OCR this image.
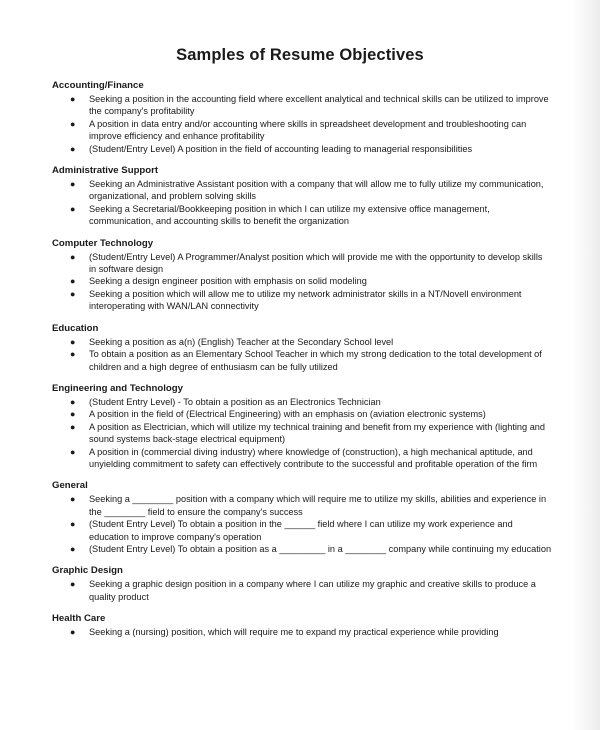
Samples of Resume Objectives
Accounting/Finance
● Seeking a position in the accounting field where excellent analytical and technical skills can be utilized to improve the company's profitability
● A position in data entry and/or accounting where skills in spreadsheet development and troubleshooting can improve efficiency and enhance profitability
● (Student/Entry Level) A position in the field of accounting leading to managerial responsibilities
Administrative Support
● Seeking an Administrative Assistant position with a company that will allow me to fully utilize my communication, organizational, and problem solving skills
● Seeking a Secretarial/Bookkeeping position in which I can utilize my extensive office management, communication, and accounting skills to benefit the organization
Computer Technology
● (Student/Entry Level) A Programmer/Analyst position which will provide me with the opportunity to develop skills in software design
● Seeking a design engineer position with emphasis on solid modeling
● Seeking a position which will allow me to utilize my network administrator skills in a NT/Novell environment interoperating with WAN/LAN connectivity
Education
● Seeking a position as a(n) (English) Teacher at the Secondary School level
● To obtain a position as an Elementary School Teacher in which my strong dedication to the total development of children and a high degree of enthusiasm can be fully utilized
Engineering and Technology
● (Student Entry Level) - To obtain a position as an Electronics Technician
● A position in the field of (Electrical Engineering) with an emphasis on (aviation electronic systems)
● A position as Electrician, which will utilize my technical training and benefit from my experience with (lighting and sound systems back-stage electrical equipment)
● A position in (commercial diving industry) where knowledge of (construction), a high mechanical aptitude, and unyielding commitment to safety can effectively contribute to the successful and profitable operation of the firm
General
● Seeking a ________ position with a company which will require me to utilize my skills, abilities and experience in the ________ field to ensure the company's success
● (Student Entry Level) To obtain a position in the ______ field where I can utilize my work experience and education to improve company's operation
● (Student Entry Level) To obtain a position as a _________ in a ________ company while continuing my education
Graphic Design
● Seeking a graphic design position in a company where I can utilize my graphic and creative skills to produce a quality product
Health Care
● Seeking a (nursing) position, which will require me to expand my practical experience while providing
